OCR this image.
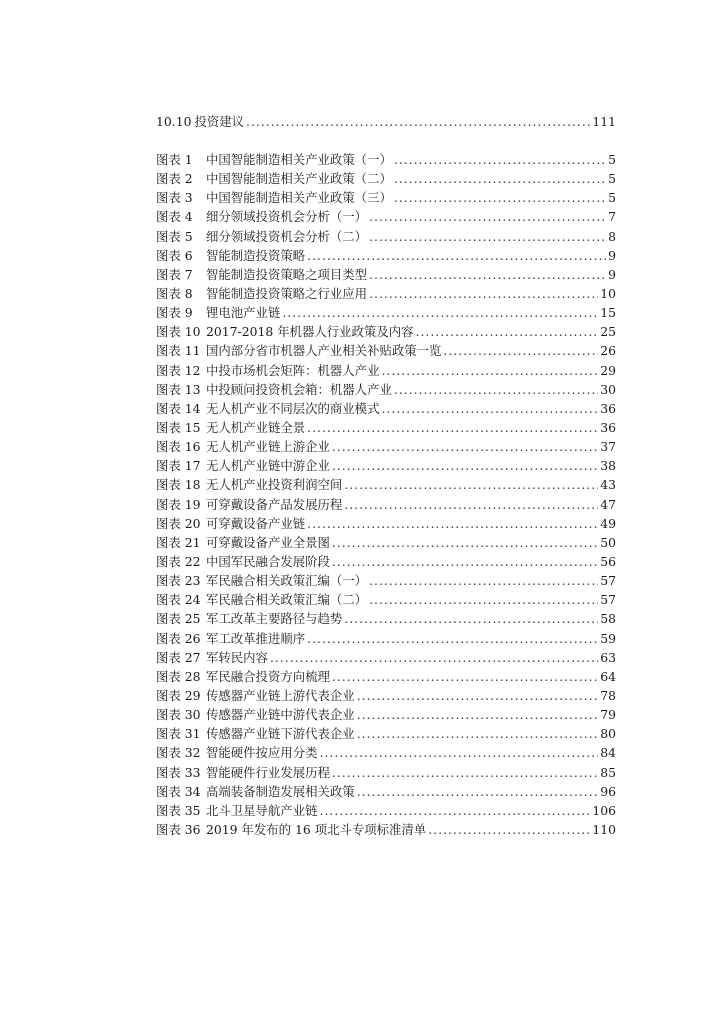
10.10 投资建议 .....	111
图表 1	中国智能制造相关产业政策（一） .....	5
图表 2	中国智能制造相关产业政策（二） .....	5
图表 3	中国智能制造相关产业政策（三） .....	5
图表 4	细分领域投资机会分析（一） .....	7
图表 5	细分领域投资机会分析（二） .....	8
图表 6	智能制造投资策略 .....	9
图表 7	智能制造投资策略之项目类型 .....	9
图表 8	智能制造投资策略之行业应用 .....	10
图表 9	锂电池产业链 .....	15
图表 10 2017-2018 年机器人行业政策及内容 .....	25
图表 11 国内部分省市机器人产业相关补贴政策一览 .....	26
图表 12 中投市场机会矩阵：机器人产业 .....	29
图表 13 中投顾问投资机会箱：机器人产业 .....	30
图表 14 无人机产业不同层次的商业模式 .....	36
图表 15 无人机产业链全景 .....	36
图表 16 无人机产业链上游企业 .....	37
图表 17 无人机产业链中游企业 .....	38
图表 18 无人机产业投资利润空间 .....	43
图表 19 可穿戴设备产品发展历程 .....	47
图表 20 可穿戴设备产业链 .....	49
图表 21 可穿戴设备产业全景图 .....	50
图表 22 中国军民融合发展阶段 .....	56
图表 23 军民融合相关政策汇编（一） .....	57
图表 24 军民融合相关政策汇编（二） .....	57
图表 25 军工改革主要路径与趋势 .....	58
图表 26 军工改革推进顺序 .....	59
图表 27 军转民内容 .....	63
图表 28 军民融合投资方向梳理 .....	64
图表 29 传感器产业链上游代表企业 .....	78
图表 30 传感器产业链中游代表企业 .....	79
图表 31 传感器产业链下游代表企业 .....	80
图表 32 智能硬件按应用分类 .....	84
图表 33 智能硬件行业发展历程 .....	85
图表 34 高端装备制造发展相关政策 .....	96
图表 35 北斗卫星导航产业链 .....	106
图表 36 2019 年发布的 16 项北斗专项标准清单 .....	110
